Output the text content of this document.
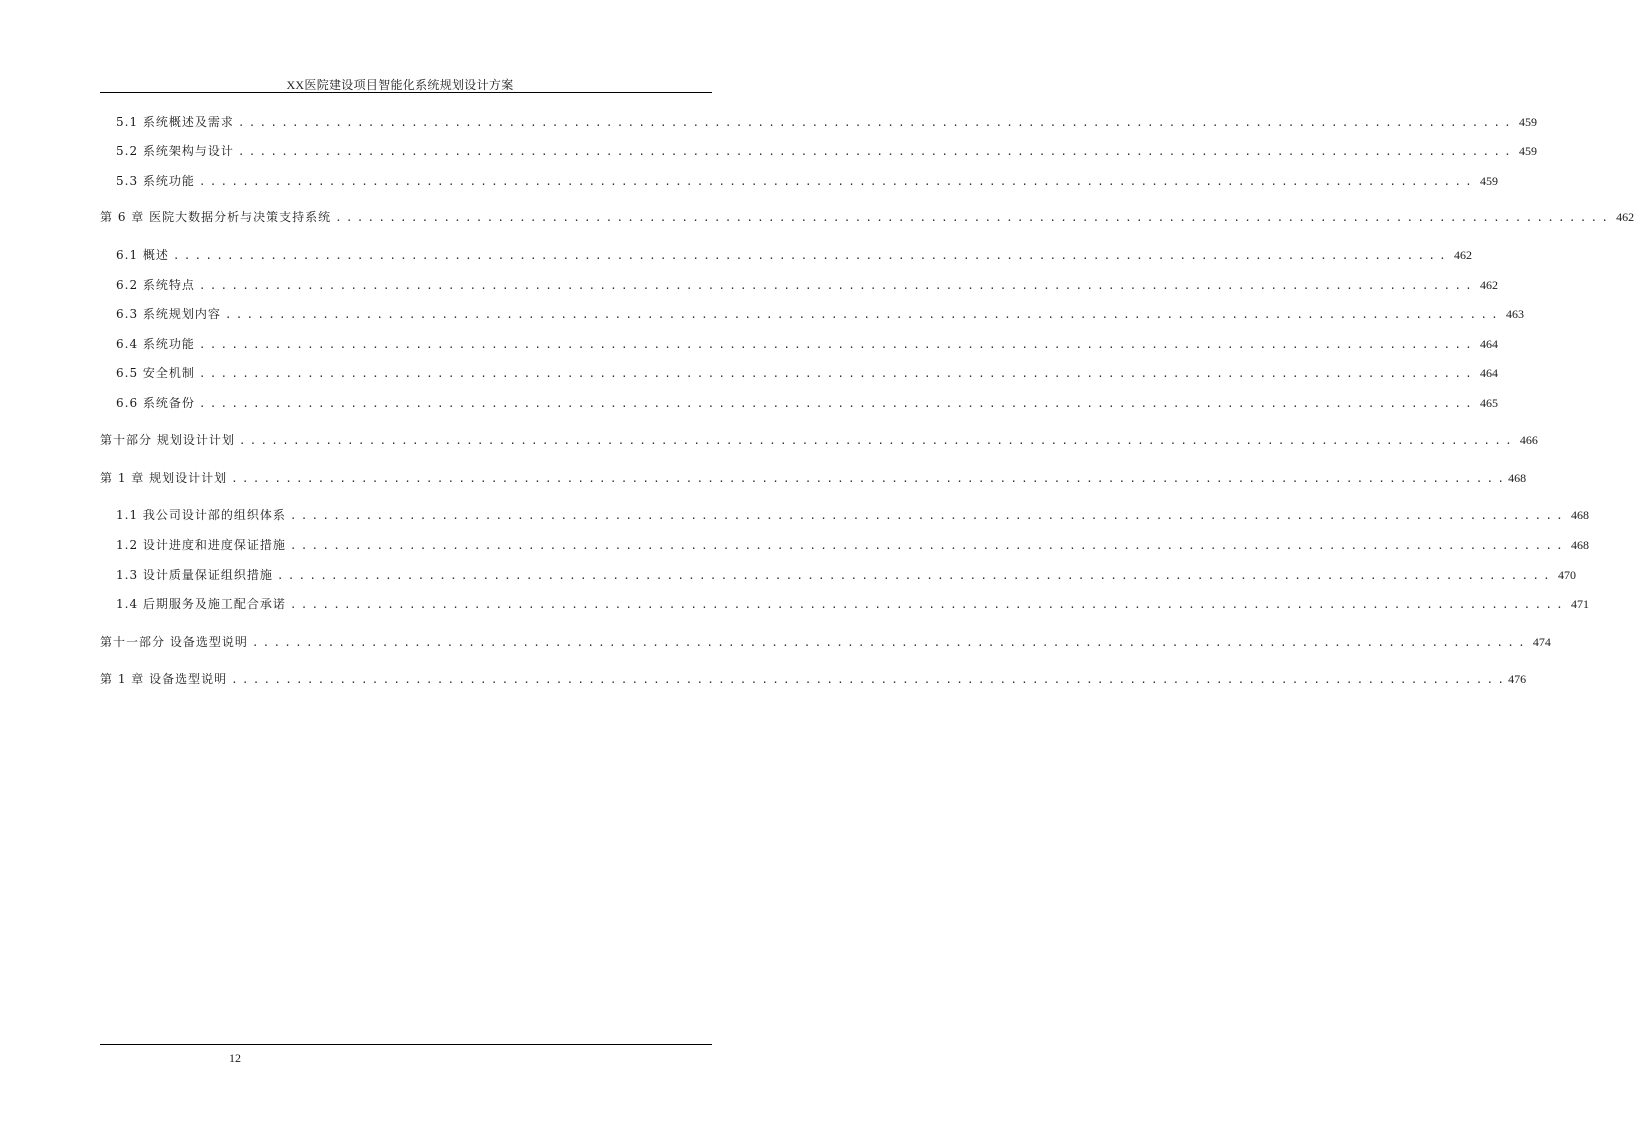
XX医院建设项目智能化系统规划设计方案
5.1 系统概述及需求 ...................................................................................................................... 459
5.2 系统架构与设计 ...................................................................................................................... 459
5.3 系统功能 ...................................................................................................................... 459
第 6 章 医院大数据分析与决策支持系统 ...................................................................................................................... 462
6.1 概述 ...................................................................................................................... 462
6.2 系统特点 ...................................................................................................................... 462
6.3 系统规划内容 ...................................................................................................................... 463
6.4 系统功能 ...................................................................................................................... 464
6.5 安全机制 ...................................................................................................................... 464
6.6 系统备份 ...................................................................................................................... 465
第十部分 规划设计计划 ...................................................................................................................... 466
第 1 章 规划设计计划 ...................................................................................................................... 468
1.1 我公司设计部的组织体系 ...................................................................................................................... 468
1.2 设计进度和进度保证措施 ...................................................................................................................... 468
1.3 设计质量保证组织措施 ...................................................................................................................... 470
1.4 后期服务及施工配合承诺 ...................................................................................................................... 471
第十一部分 设备选型说明 ...................................................................................................................... 474
第 1 章 设备选型说明 ...................................................................................................................... 476
12
